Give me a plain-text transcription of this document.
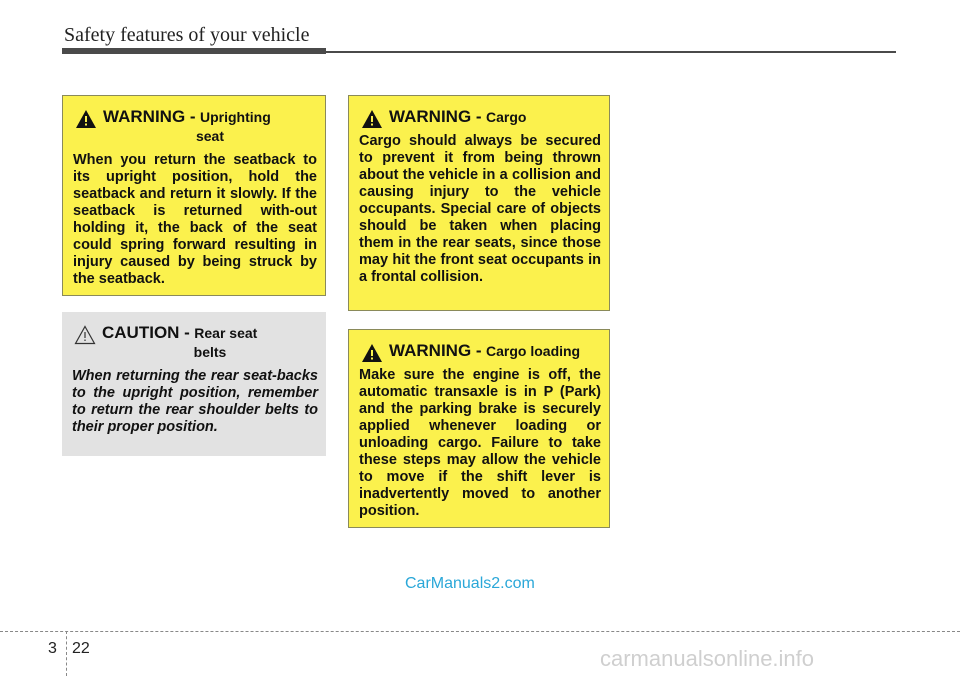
Safety features of your vehicle
WARNING - Uprighting
seat
When you return the seatback to its upright position, hold the seatback and return it slowly. If the seatback is returned with-out holding it, the back of the seat could spring forward resulting in injury caused by being struck by the seatback.
CAUTION - Rear seat
belts
When returning the rear seat-backs to the upright position, remember to return the rear shoulder belts to their proper position.
WARNING - Cargo
Cargo should always be secured to prevent it from being thrown about the vehicle in a collision and causing injury to the vehicle occupants. Special care of objects should be taken when placing them in the rear seats, since those may hit the front seat occupants in a frontal collision.
WARNING - Cargo loading
Make sure the engine is off, the automatic transaxle is in P (Park) and the parking brake is securely applied whenever loading or unloading cargo. Failure to take these steps may allow the vehicle to move if the shift lever is inadvertently moved to another position.
CarManuals2.com
3 22	carmanualsonline.info
